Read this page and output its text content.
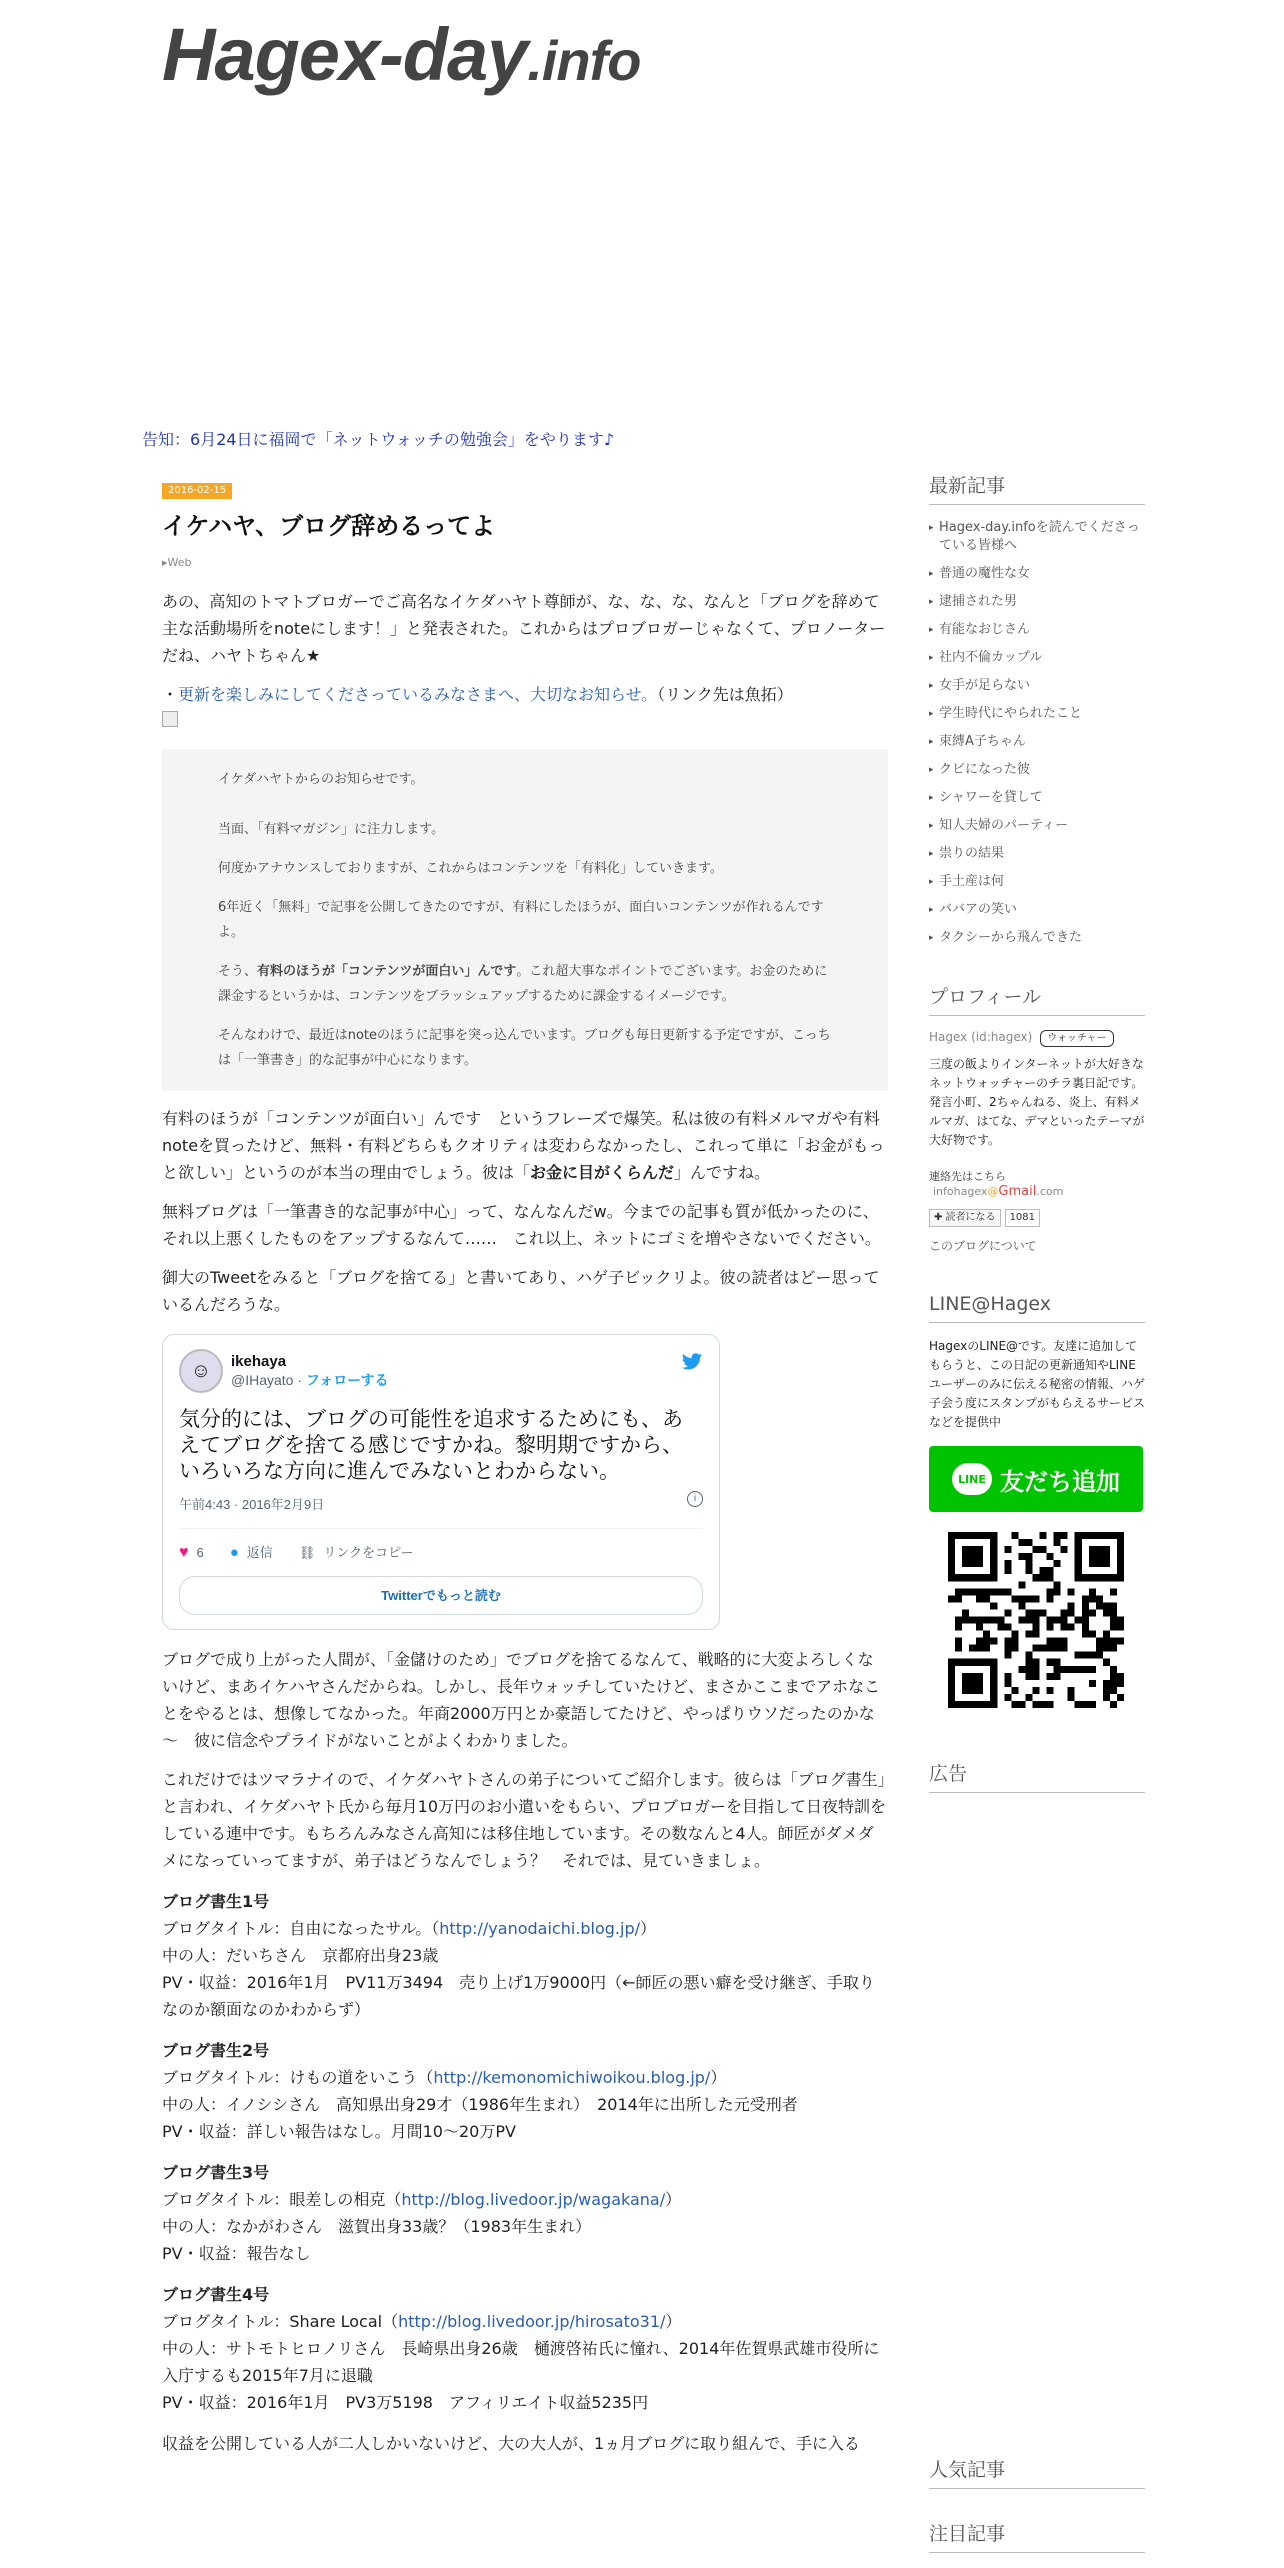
Hagex-day.info
告知：6月24日に福岡で「ネットウォッチの勉強会」をやります♪
2016-02-15
イケハヤ、ブログ辞めるってよ
▸Web

あの、高知のトマトブロガーでご高名なイケダハヤト尊師が、な、な、な、なんと「ブログを辞めて主な活動場所をnoteにします！」と発表された。これからはプロブロガーじゃなくて、プロノーターだね、ハヤトちゃん★

・更新を楽しみにしてくださっているみなさまへ、大切なお知らせ。（リンク先は魚拓）

イケダハヤトからのお知らせです。

当面、「有料マガジン」に注力します。

何度かアナウンスしておりますが、これからはコンテンツを「有料化」していきます。

6年近く「無料」で記事を公開してきたのですが、有料にしたほうが、面白いコンテンツが作れるんですよ。

そう、有料のほうが「コンテンツが面白い」んです。これ超大事なポイントでございます。お金のために課金するというかは、コンテンツをブラッシュアップするために課金するイメージです。

そんなわけで、最近はnoteのほうに記事を突っ込んでいます。ブログも毎日更新する予定ですが、こっちは「一筆書き」的な記事が中心になります。

有料のほうが「コンテンツが面白い」んです　というフレーズで爆笑。私は彼の有料メルマガや有料noteを買ったけど、無料・有料どちらもクオリティは変わらなかったし、これって単に「お金がもっと欲しい」というのが本当の理由でしょう。彼は「お金に目がくらんだ」んですね。

無料ブログは「一筆書き的な記事が中心」って、なんなんだw。今までの記事も質が低かったのに、それ以上悪くしたものをアップするなんて……　これ以上、ネットにゴミを増やさないでください。

御大のTweetをみると「ブログを捨てる」と書いてあり、ハゲ子ビックリよ。彼の読者はどー思っているんだろうな。

☺	ikehaya
@IHayato · フォローする
気分的には、ブログの可能性を追求するためにも、あえてブログを捨てる感じですかね。黎明期ですから、いろいろな方向に進んでみないとわからない。
午前4:43 · 2016年2月9日	i
♥ 6 ● 返信 ⛓ リンクをコピー
Twitterでもっと読む

ブログで成り上がった人間が、「金儲けのため」でブログを捨てるなんて、戦略的に大変よろしくないけど、まあイケハヤさんだからね。しかし、長年ウォッチしていたけど、まさかここまでアホなことをやるとは、想像してなかった。年商2000万円とか豪語してたけど、やっぱりウソだったのかな～　彼に信念やプライドがないことがよくわかりました。

これだけではツマラナイので、イケダハヤトさんの弟子についてご紹介します。彼らは「ブログ書生」と言われ、イケダハヤト氏から毎月10万円のお小遣いをもらい、プロブロガーを目指して日夜特訓をしている連中です。もちろんみなさん高知には移住地しています。その数なんと4人。師匠がダメダメになっていってますが、弟子はどうなんでしょう？　それでは、見ていきましょ。

ブログ書生1号

ブログタイトル：自由になったサル。（http://yanodaichi.blog.jp/）

中の人：だいちさん　京都府出身23歳

PV・収益：2016年1月　PV11万3494　売り上げ1万9000円（←師匠の悪い癖を受け継ぎ、手取りなのか額面なのかわからず）

ブログ書生2号

ブログタイトル：けもの道をいこう（http://kemonomichiwoikou.blog.jp/）

中の人：イノシシさん　高知県出身29才（1986年生まれ）　2014年に出所した元受刑者

PV・収益：詳しい報告はなし。月間10～20万PV

ブログ書生3号

ブログタイトル：眼差しの相克（http://blog.livedoor.jp/wagakana/）

中の人：なかがわさん　滋賀出身33歳？（1983年生まれ）

PV・収益：報告なし

ブログ書生4号

ブログタイトル：Share Local（http://blog.livedoor.jp/hirosato31/）

中の人：サトモトヒロノリさん　長崎県出身26歳　樋渡啓祐氏に憧れ、2014年佐賀県武雄市役所に入庁するも2015年7月に退職

PV・収益：2016年1月　PV3万5198　アフィリエイト収益5235円

収益を公開している人が二人しかいないけど、大の大人が、1ヵ月ブログに取り組んで、手に入る

最新記事
▸ Hagex-day.infoを読んでくださっている皆様へ
▸ 普通の魔性な女
▸ 逮捕された男
▸ 有能なおじさん
▸ 社内不倫カップル
▸ 女手が足らない
▸ 学生時代にやられたこと
▸ 束縛A子ちゃん
▸ クビになった彼
▸ シャワーを貸して
▸ 知人夫婦のパーティー
▸ 祟りの結果
▸ 手土産は何
▸ ババアの笑い
▸ タクシーから飛んできた
プロフィール
Hagex (id:hagex) ウォッチャー
三度の飯よりインターネットが大好きなネットウォッチャーのチラ裏日記です。発言小町、2ちゃんねる、炎上、有料メルマガ、はてな、デマといったテーマが大好物です。
連絡先はこちら
infohagex@Gmail.com
✚ 読者になる	1081
このブログについて
LINE@Hagex
HagexのLINE@です。友達に追加してもらうと、この日記の更新通知やLINEユーザーのみに伝える秘密の情報、ハゲ子会う度にスタンプがもらえるサービスなどを提供中
LINE 友だち追加
広告
人気記事
注目記事
